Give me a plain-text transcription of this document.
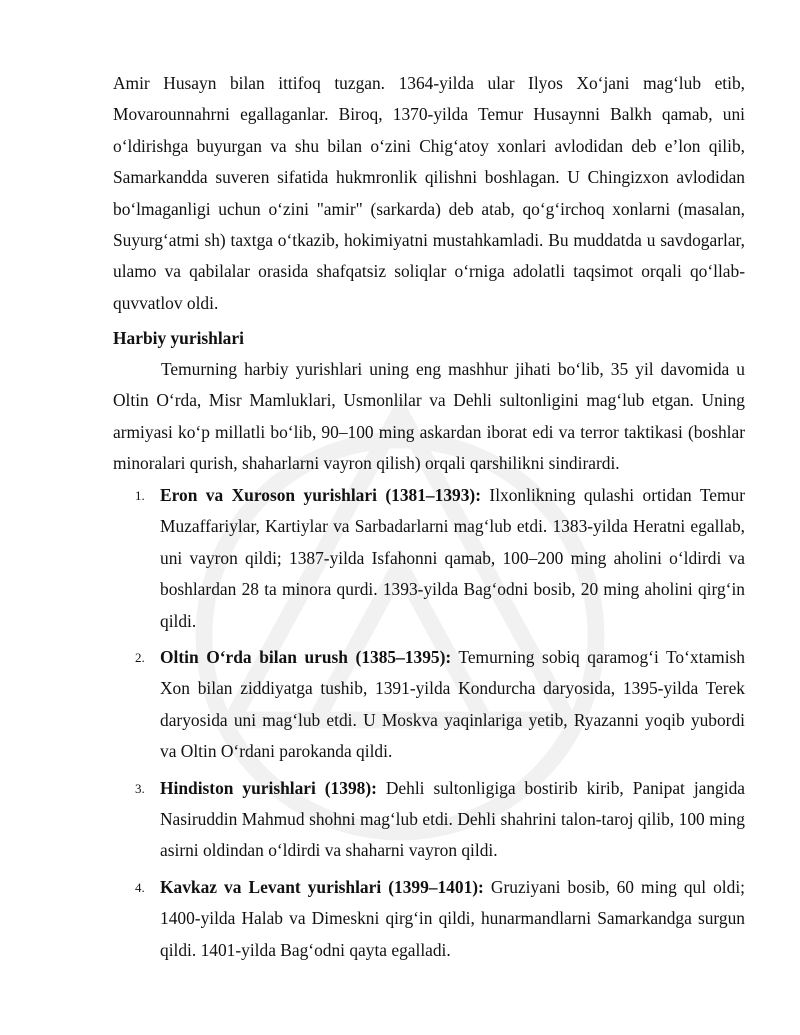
Amir Husayn bilan ittifoq tuzgan. 1364-yilda ular Ilyos Xo‘jani mag‘lub etib, Movarounnahrni egallaganlar. Biroq, 1370-yilda Temur Husaynni Balkh qamab, uni o‘ldirishga buyurgan va shu bilan o‘zini Chig‘atoy xonlari avlodidan deb e’lon qilib, Samarkandda suveren sifatida hukmronlik qilishni boshlagan. U Chingizxon avlodidan bo‘lmaganligi uchun o‘zini "amir" (sarkarda) deb atab, qo‘g‘irchoq xonlarni (masalan, Suyurg‘atmi sh) taxtga o‘tkazib, hokimiyatni mustahkamladi. Bu muddatda u savdogarlar, ulamo va qabilalar orasida shafqatsiz soliqlar o‘rniga adolatli taqsimot orqali qo‘llab-quvvatlov oldi.

Harbiy yurishlari

Temurning harbiy yurishlari uning eng mashhur jihati bo‘lib, 35 yil davomida u Oltin O‘rda, Misr Mamluklari, Usmonlilar va Dehli sultonligini mag‘lub etgan. Uning armiyasi ko‘p millatli bo‘lib, 90–100 ming askardan iborat edi va terror taktikasi (boshlar minoralari qurish, shaharlarni vayron qilish) orqali qarshilikni sindirardi.

1. Eron va Xuroson yurishlari (1381–1393): Ilxonlikning qulashi ortidan Temur Muzaffariylar, Kartiylar va Sarbadarlarni mag‘lub etdi. 1383-yilda Heratni egallab, uni vayron qildi; 1387-yilda Isfahonni qamab, 100–200 ming aholini o‘ldirdi va boshlardan 28 ta minora qurdi. 1393-yilda Bag‘odni bosib, 20 ming aholini qirg‘in qildi.
2. Oltin O‘rda bilan urush (1385–1395): Temurning sobiq qaramog‘i To‘xtamish Xon bilan ziddiyatga tushib, 1391-yilda Kondurcha daryosida, 1395-yilda Terek daryosida uni mag‘lub etdi. U Moskva yaqinlariga yetib, Ryazanni yoqib yubordi va Oltin O‘rdani parokanda qildi.
3. Hindiston yurishlari (1398): Dehli sultonligiga bostirib kirib, Panipat jangida Nasiruddin Mahmud shohni mag‘lub etdi. Dehli shahrini talon-taroj qilib, 100 ming asirni oldindan o‘ldirdi va shaharni vayron qildi.
4. Kavkaz va Levant yurishlari (1399–1401): Gruziyani bosib, 60 ming qul oldi; 1400-yilda Halab va Dimeskni qirg‘in qildi, hunarmandlarni Samarkandga surgun qildi. 1401-yilda Bag‘odni qayta egalladi.
